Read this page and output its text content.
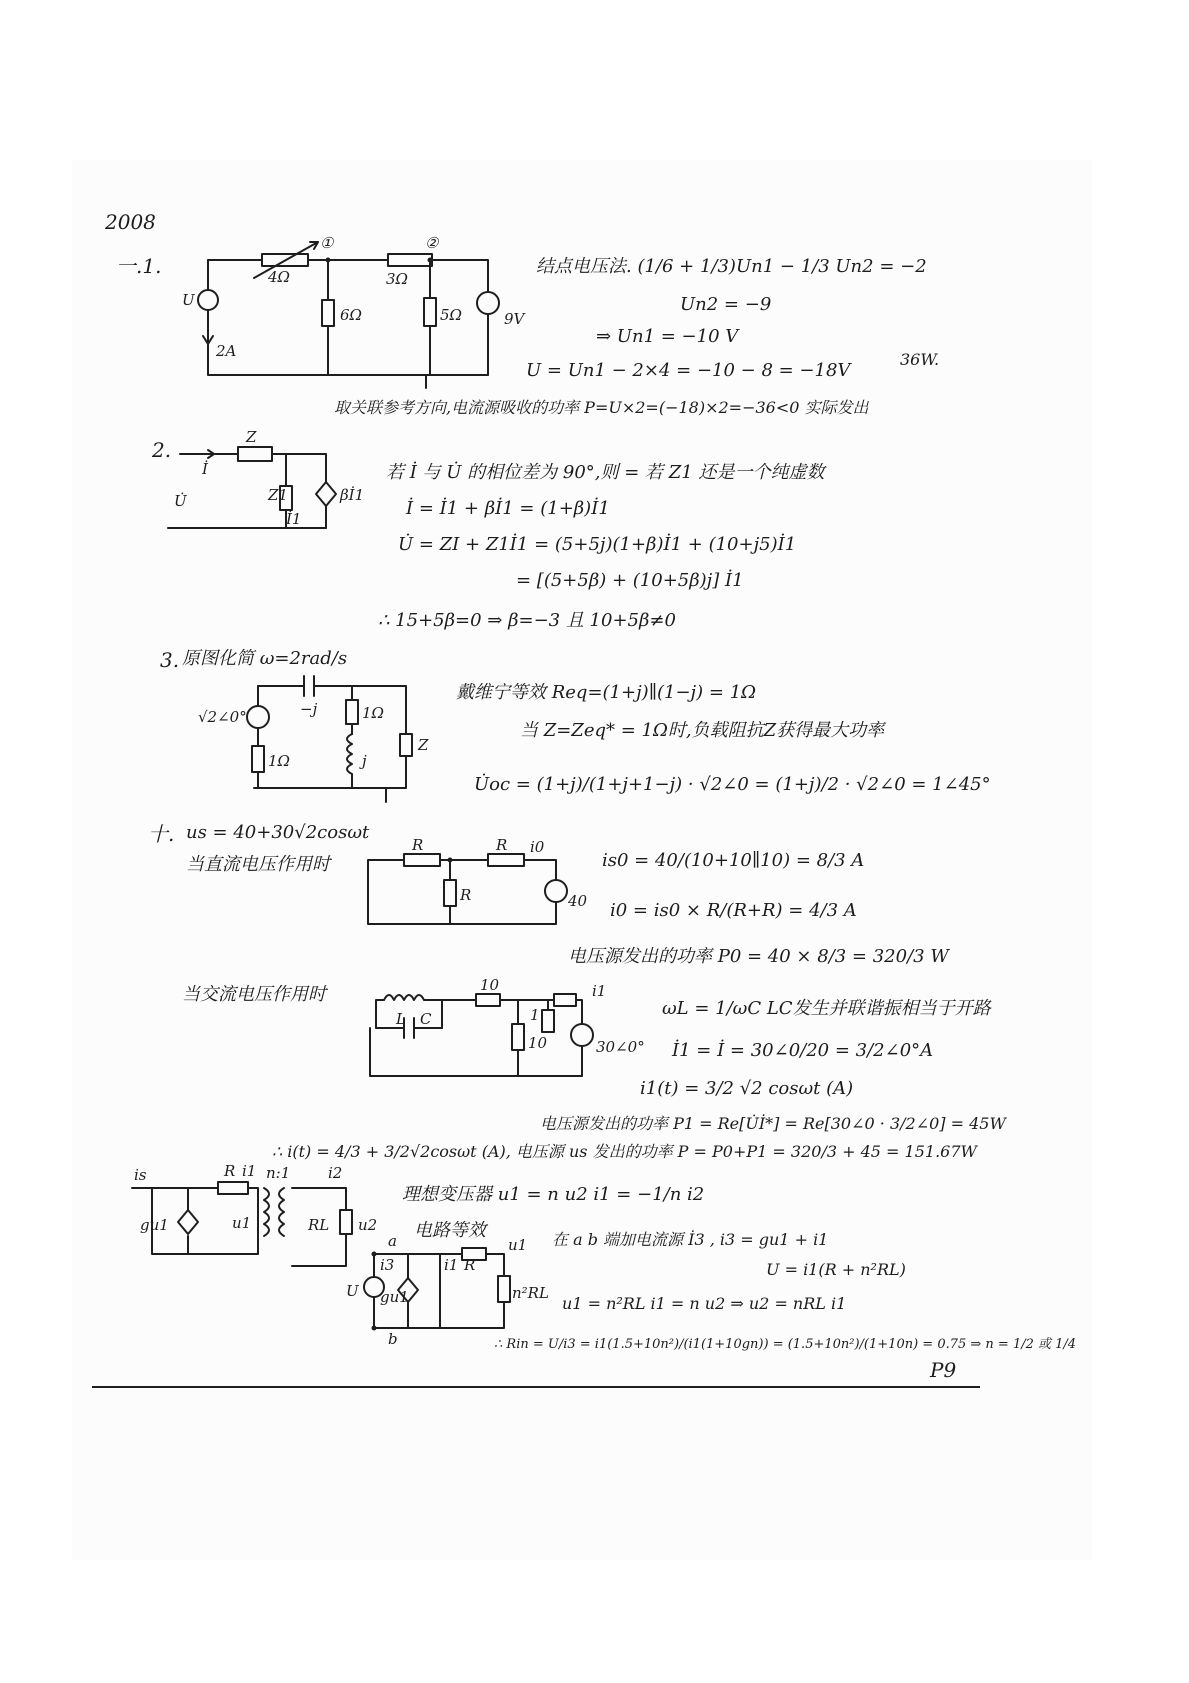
2008
一.1.
①	②
4Ω
6Ω
3Ω
5Ω	9V
2A
U
结点电压法. (1/6 + 1/3)Un1 − 1/3 Un2 = −2
Un2 = −9
⇒ Un1 = −10 V
U = Un1 − 2×4 = −10 − 8 = −18V
36W.
取关联参考方向,电流源吸收的功率 P=U×2=(−18)×2=−36<0 实际发出
2.
Z
İ
U̇	Z1
İ1
βİ1
若 İ 与 U̇ 的相位差为 90°,则 = 若 Z1 还是一个纯虚数
İ = İ1 + βİ1 = (1+β)İ1
U̇ = ZI + Z1İ1 = (5+5j)(1+β)İ1 + (10+j5)İ1
= [(5+5β) + (10+5β)j] İ1
∴ 15+5β=0 ⇒ β=−3 且 10+5β≠0
3. 原图化简 ω=2rad/s
√2∠0°	−j
1Ω
1Ω
j
Z
戴维宁等效 Req=(1+j)∥(1−j) = 1Ω
当 Z=Zeq* = 1Ω时,负载阻抗Z获得最大功率
U̇oc = (1+j)/(1+j+1−j) · √2∠0 = (1+j)/2 · √2∠0 = 1∠45°
十. us = 40+30√2cosωt
当直流电压作用时
R	R
R
i0
40
is0 = 40/(10+10∥10) = 8/3 A
i0 = is0 × R/(R+R) = 4/3 A
电压源发出的功率 P0 = 40 × 8/3 = 320/3 W
当交流电压作用时
L C
10
1
10	30∠0°
i1
ωL = 1/ωC LC发生并联谐振相当于开路
İ1 = İ = 30∠0/20 = 3/2∠0°A
i1(t) = 3/2 √2 cosωt (A)
电压源发出的功率 P1 = Re[U̇İ*] = Re[30∠0 · 3/2∠0] = 45W
∴ i(t) = 4/3 + 3/2√2cosωt (A), 电压源 us 发出的功率 P = P0+P1 = 320/3 + 45 = 151.67W
is	R i1 n:1	i2
gu1	u1	RL u2
理想变压器 u1 = n u2 i1 = −1/n i2
电路等效
a
b
i3	i1 R
U gu1	n²RL
u1 在 a b 端加电流源 İ3 , i3 = gu1 + i1
U = i1(R + n²RL)
u1 = n²RL i1 = n u2 ⇒ u2 = nRL i1
∴ Rin = U/i3 = i1(1.5+10n²)/(i1(1+10gn)) = (1.5+10n²)/(1+10n) = 0.75 ⇒ n = 1/2 或 1/4
P9
